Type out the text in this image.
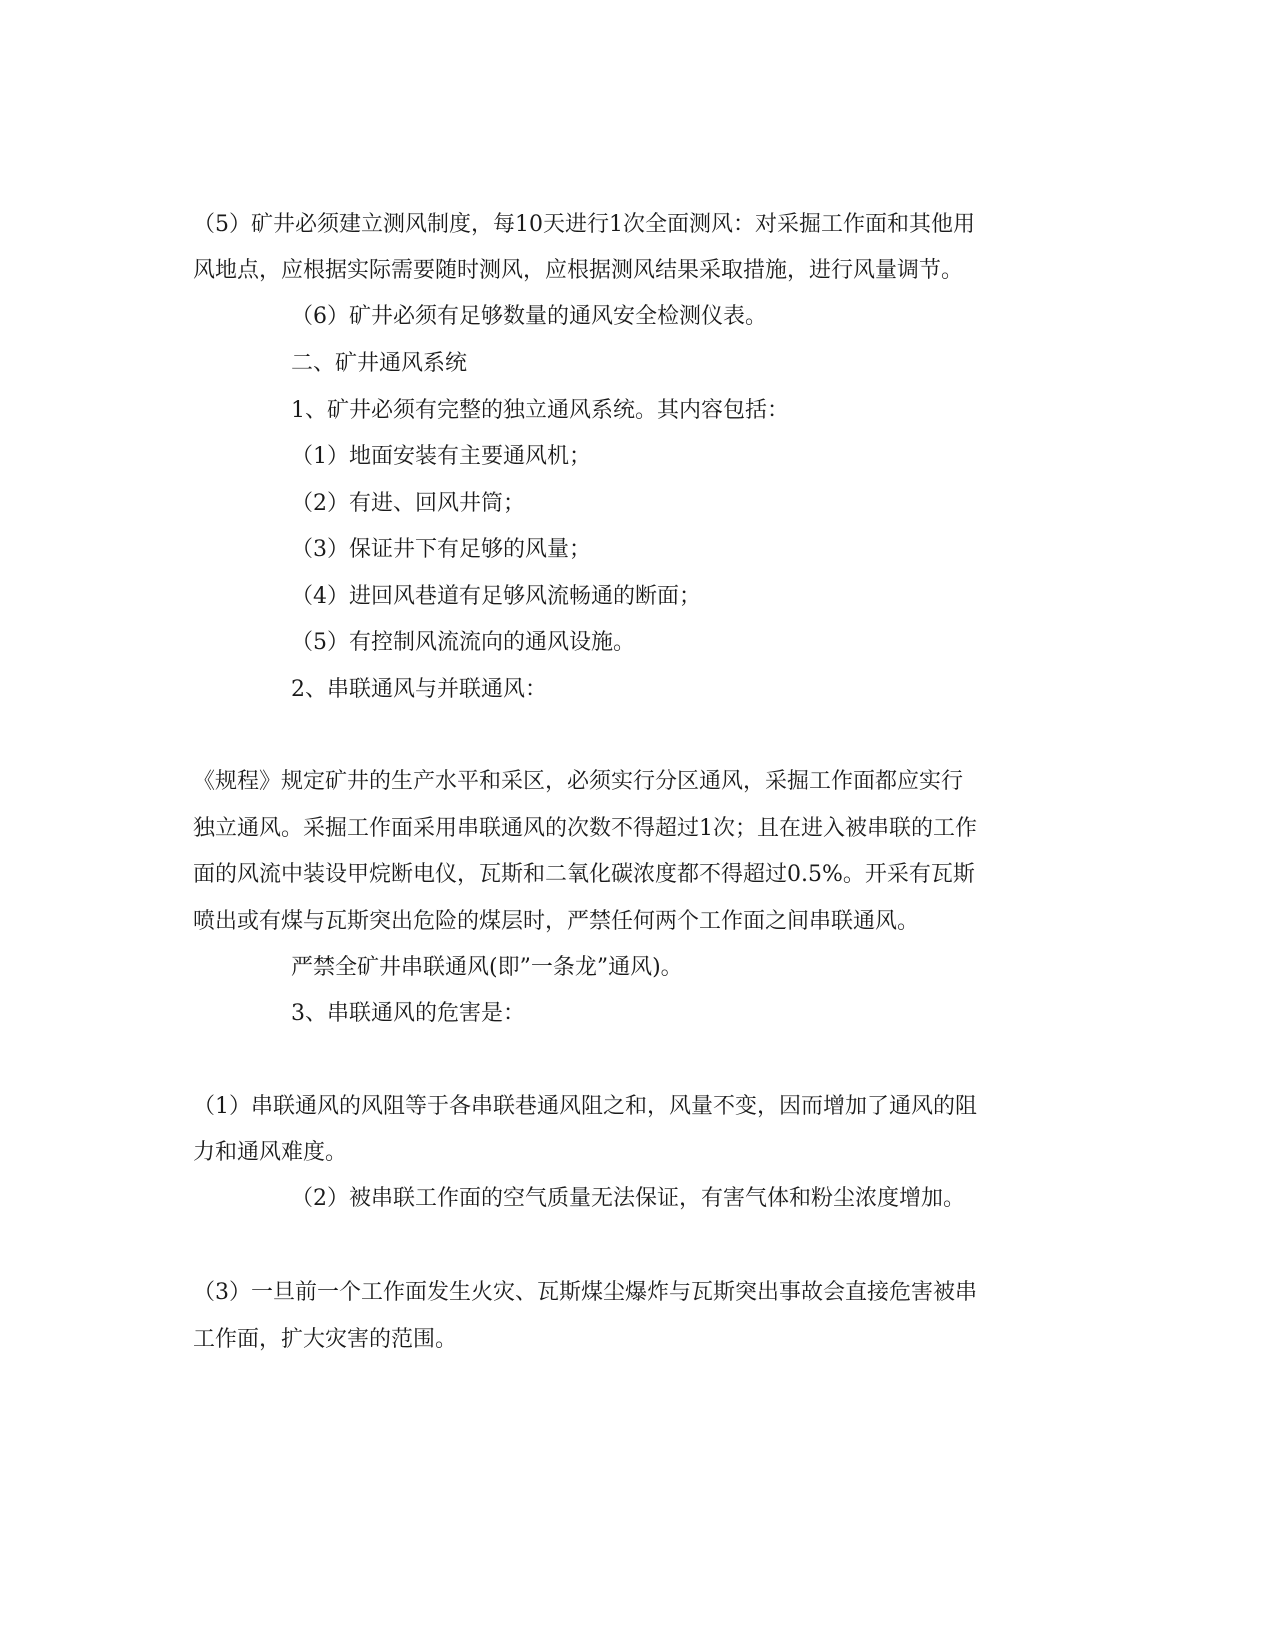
（5）矿井必须建立测风制度，每10天进行1次全面测风：对采掘工作面和其他用
风地点，应根据实际需要随时测风，应根据测风结果采取措施，进行风量调节。
（6）矿井必须有足够数量的通风安全检测仪表。
二、矿井通风系统
1、矿井必须有完整的独立通风系统。其内容包括：
（1）地面安装有主要通风机；
（2）有进、回风井筒；
（3）保证井下有足够的风量；
（4）进回风巷道有足够风流畅通的断面；
（5）有控制风流流向的通风设施。
2、串联通风与并联通风：
《规程》规定矿井的生产水平和采区，必须实行分区通风，采掘工作面都应实行
独立通风。采掘工作面采用串联通风的次数不得超过1次；且在进入被串联的工作
面的风流中装设甲烷断电仪，瓦斯和二氧化碳浓度都不得超过0.5%。开采有瓦斯
喷出或有煤与瓦斯突出危险的煤层时，严禁任何两个工作面之间串联通风。
严禁全矿井串联通风(即”一条龙”通风)。
3、串联通风的危害是：
（1）串联通风的风阻等于各串联巷通风阻之和，风量不变，因而增加了通风的阻
力和通风难度。
（2）被串联工作面的空气质量无法保证，有害气体和粉尘浓度增加。
（3）一旦前一个工作面发生火灾、瓦斯煤尘爆炸与瓦斯突出事故会直接危害被串
工作面，扩大灾害的范围。
